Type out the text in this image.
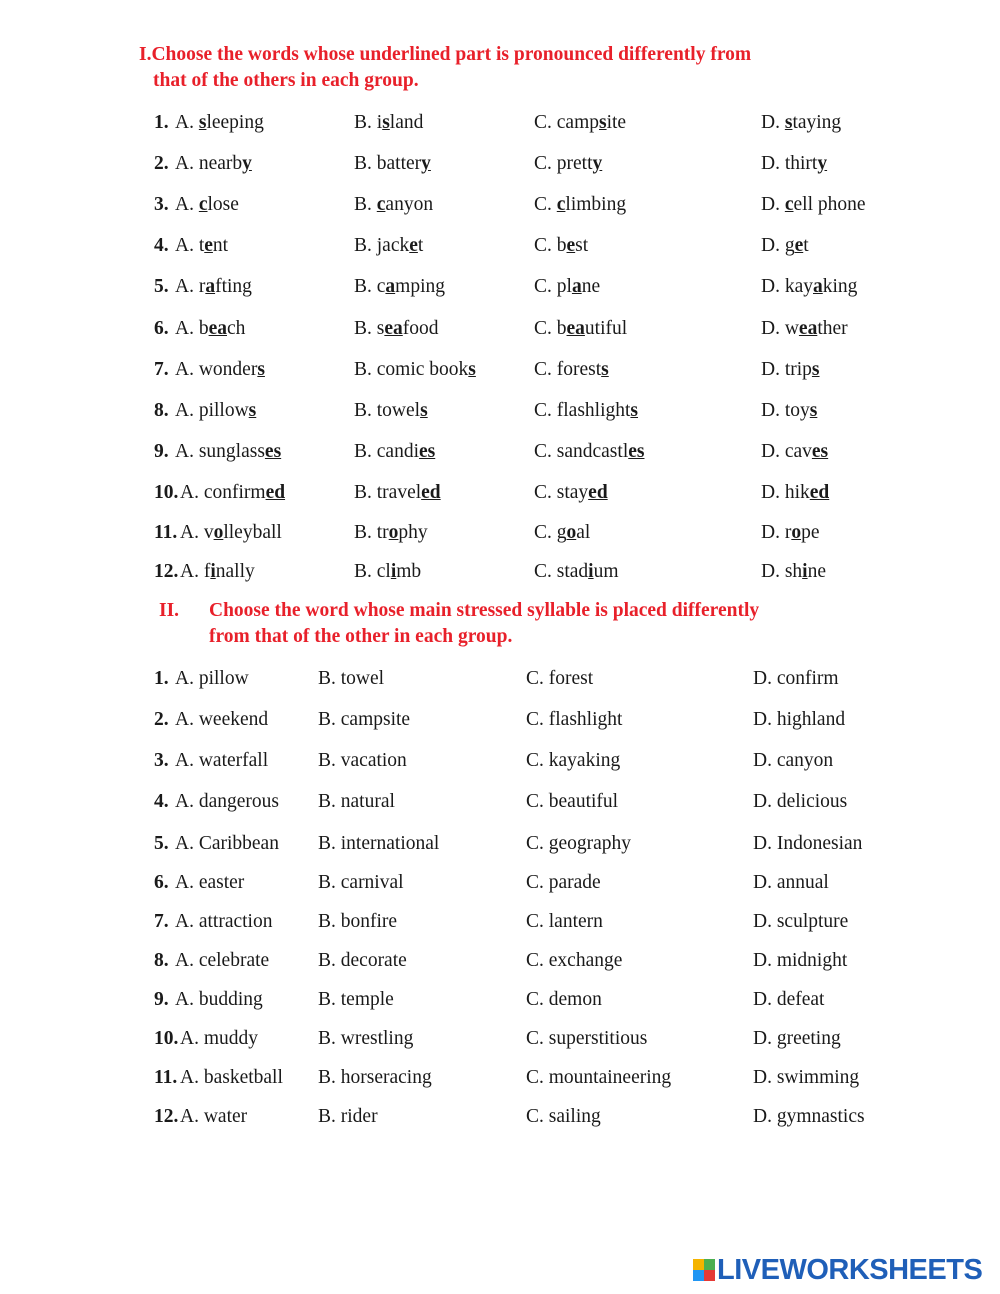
I.Choose the words whose underlined part is pronounced differently from
that of the others in each group.

1. A. sleeping	B. island	C. campsite	D. staying
2. A. nearby	B. battery	C. pretty	D. thirty
3. A. close	B. canyon	C. climbing	D. cell phone
4. A. tent	B. jacket	C. best	D. get
5. A. rafting	B. camping	C. plane	D. kayaking
6. A. beach	B. seafood	C. beautiful	D. weather
7. A. wonders	B. comic books	C. forests	D. trips
8. A. pillows	B. towels	C. flashlights	D. toys
9. A. sunglasses	B. candies	C. sandcastles	D. caves
10. A. confirmed	B. traveled	C. stayed	D. hiked
11. A. volleyball	B. trophy	C. goal	D. rope
12. A. finally	B. climb	C. stadium	D. shine

II. Choose the word whose main stressed syllable is placed differently
from that of the other in each group.

1. A. pillow	B. towel	C. forest	D. confirm
2. A. weekend	B. campsite	C. flashlight	D. highland
3. A. waterfall	B. vacation	C. kayaking	D. canyon
4. A. dangerous B. natural	C. beautiful	D. delicious
5. A. Caribbean B. international	C. geography	D. Indonesian
6. A. easter	B. carnival	C. parade	D. annual
7. A. attraction B. bonfire	C. lantern	D. sculpture
8. A. celebrate	B. decorate	C. exchange	D. midnight
9. A. budding	B. temple	C. demon	D. defeat
10. A. muddy	B. wrestling	C. superstitious	D. greeting
11. A. basketball B. horseracing	C. mountaineering	D. swimming
12. A. water	B. rider	C. sailing	D. gymnastics
LIVEWORKSHEETS
